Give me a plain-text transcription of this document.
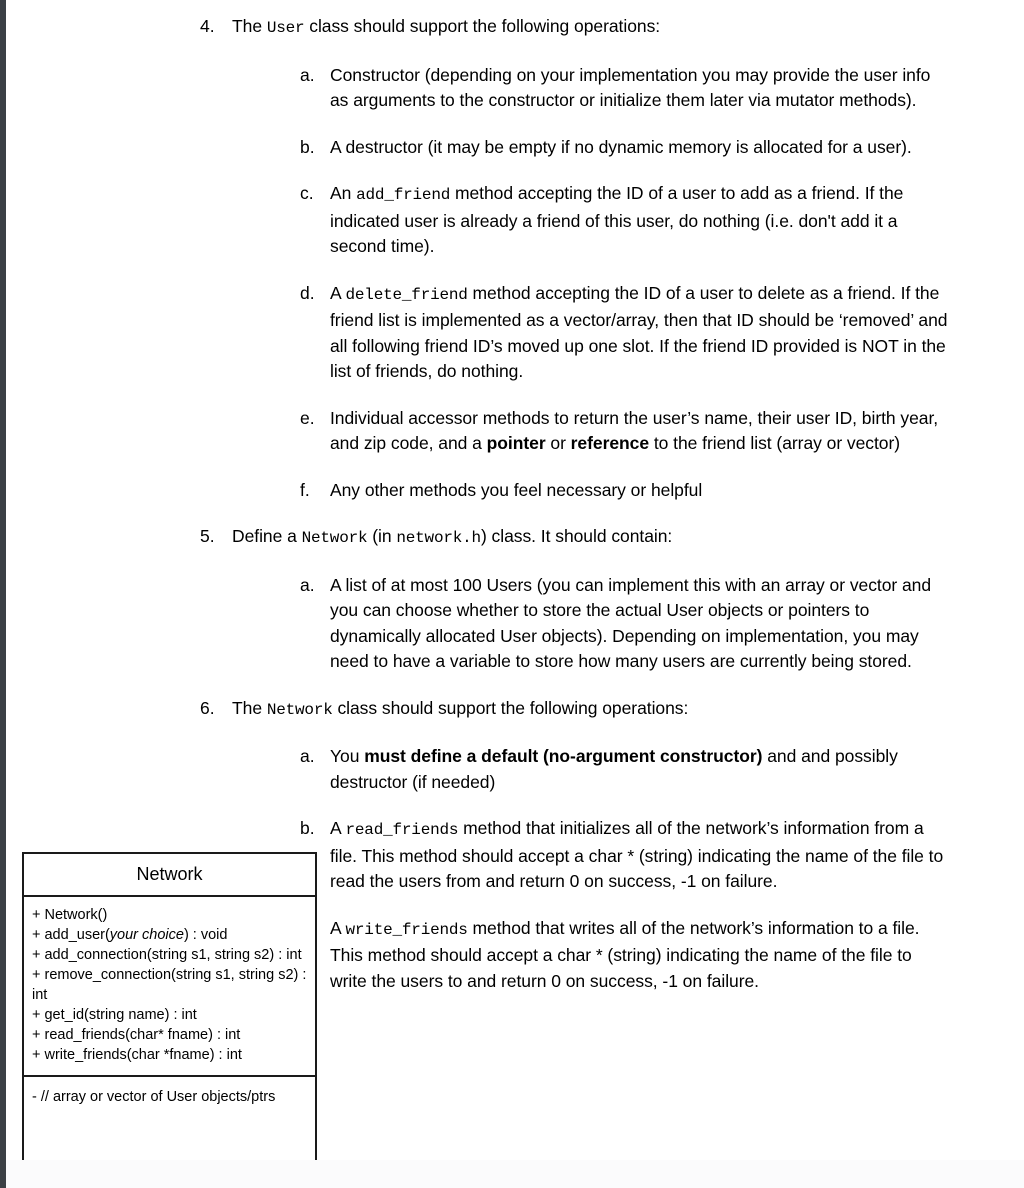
4. The User class should support the following operations:
a. Constructor (depending on your implementation you may provide the user info as arguments to the constructor or initialize them later via mutator methods).
b. A destructor (it may be empty if no dynamic memory is allocated for a user).
c. An add_friend method accepting the ID of a user to add as a friend. If the indicated user is already a friend of this user, do nothing (i.e. don't add it a second time).
d. A delete_friend method accepting the ID of a user to delete as a friend. If the friend list is implemented as a vector/array, then that ID should be ‘removed’ and all following friend ID’s moved up one slot. If the friend ID provided is NOT in the list of friends, do nothing.
e. Individual accessor methods to return the user’s name, their user ID, birth year, and zip code, and a pointer or reference to the friend list (array or vector)
f.	Any other methods you feel necessary or helpful
5. Define a Network (in network.h) class. It should contain:
a. A list of at most 100 Users (you can implement this with an array or vector and you can choose whether to store the actual User objects or pointers to dynamically allocated User objects). Depending on implementation, you may need to have a variable to store how many users are currently being stored.
6. The Network class should support the following operations:
a. You must define a default (no-argument constructor) and and possibly destructor (if needed)
b. A read_friends method that initializes all of the network’s information from a file. This method should accept a char * (string) indicating the name of the file to read the users from and return 0 on success, -1 on failure.
A write_friends method that writes all of the network’s information to a file. This method should accept a char * (string) indicating the name of the file to write the users to and return 0 on success, -1 on failure.
Network
+ Network()
+ add_user(your choice) : void
+ add_connection(string s1, string s2) : int
+ remove_connection(string s1, string s2) : int
+ get_id(string name) : int
+ read_friends(char* fname) : int
+ write_friends(char *fname) : int
- // array or vector of User objects/ptrs
